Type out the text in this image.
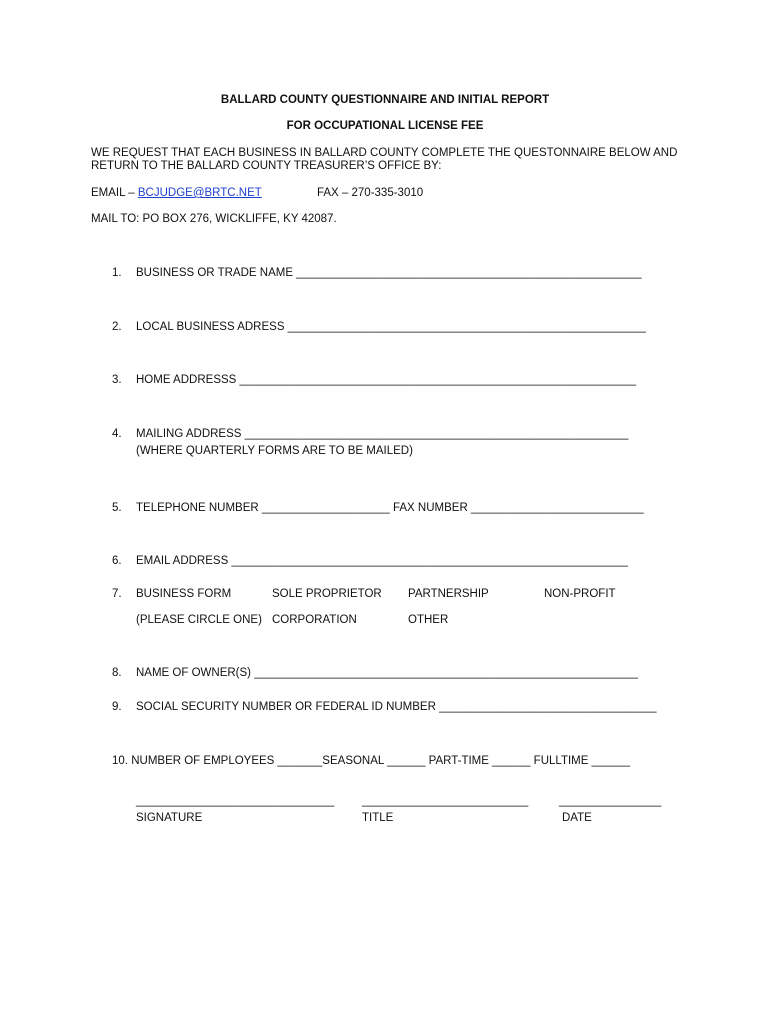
BALLARD COUNTY QUESTIONNAIRE AND INITIAL REPORT
FOR OCCUPATIONAL LICENSE FEE
WE REQUEST THAT EACH BUSINESS IN BALLARD COUNTY COMPLETE THE QUESTONNAIRE BELOW AND
RETURN TO THE BALLARD COUNTY TREASURER’S OFFICE BY:
EMAIL – BCJUDGE@BRTC.NET	FAX – 270-335-3010
MAIL TO: PO BOX 276, WICKLIFFE, KY 42087.
1. BUSINESS OR TRADE NAME ______________________________________________________
2. LOCAL BUSINESS ADRESS ________________________________________________________
3. HOME ADDRESSS ______________________________________________________________
4. MAILING ADDRESS ____________________________________________________________
(WHERE QUARTERLY FORMS ARE TO BE MAILED)
5. TELEPHONE NUMBER ____________________ FAX NUMBER ___________________________
6. EMAIL ADDRESS ______________________________________________________________
7. BUSINESS FORM	SOLE PROPRIETOR PARTNERSHIP	NON-PROFIT
(PLEASE CIRCLE ONE) CORPORATION	OTHER
8. NAME OF OWNER(S) ____________________________________________________________
9. SOCIAL SECURITY NUMBER OR FEDERAL ID NUMBER __________________________________
10. NUMBER OF EMPLOYEES _______SEASONAL ______ PART-TIME ______ FULLTIME ______
_______________________________ __________________________	________________
SIGNATURE	TITLE	DATE
